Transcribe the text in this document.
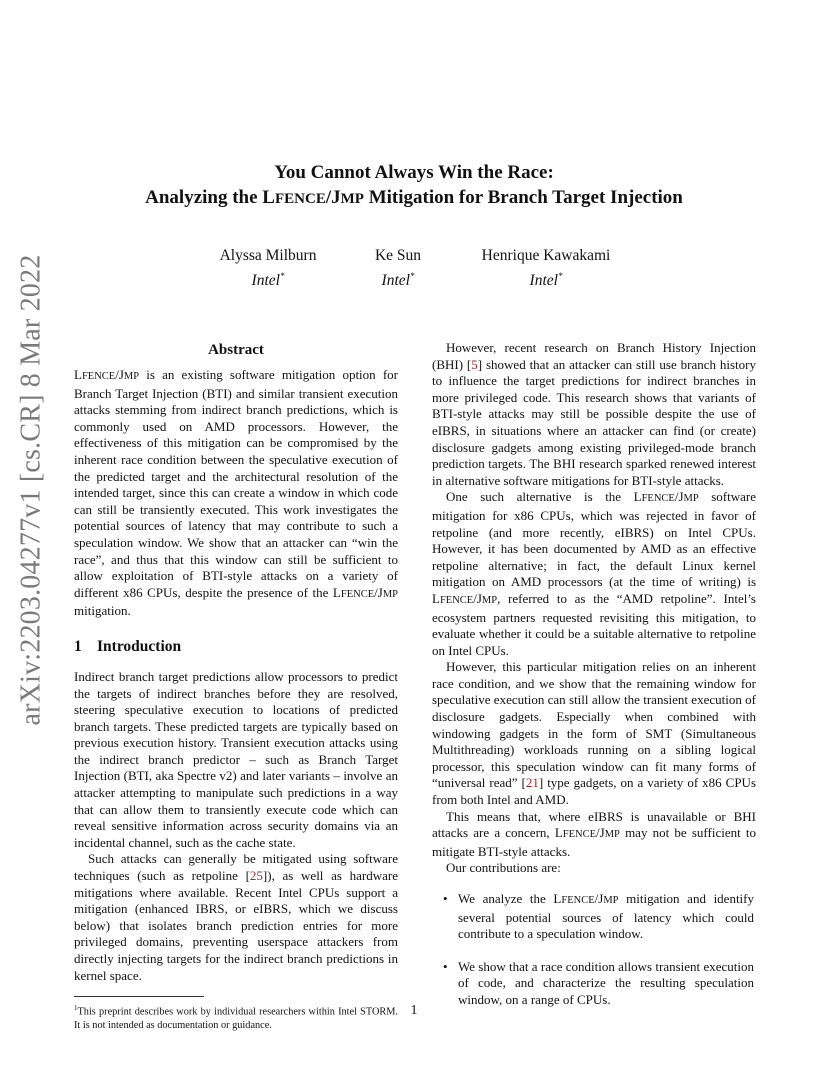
arXiv:2203.04277v1 [cs.CR] 8 Mar 2022
You Cannot Always Win the Race:
Analyzing the LFENCE/JMP Mitigation for Branch Target Injection
Alyssa Milburn
Intel*
Ke Sun
Intel*
Henrique Kawakami
Intel*
Abstract

LFENCE/JMP is an existing software mitigation option for Branch Target Injection (BTI) and similar transient execution attacks stemming from indirect branch predictions, which is commonly used on AMD processors. However, the effectiveness of this mitigation can be compromised by the inherent race condition between the speculative execution of the predicted target and the architectural resolution of the intended target, since this can create a window in which code can still be transiently executed. This work investigates the potential sources of latency that may contribute to such a speculation window. We show that an attacker can “win the race”, and thus that this window can still be sufficient to allow exploitation of BTI-style attacks on a variety of different x86 CPUs, despite the presence of the LFENCE/JMP mitigation.

1 Introduction

Indirect branch target predictions allow processors to predict the targets of indirect branches before they are resolved, steering speculative execution to locations of predicted branch targets. These predicted targets are typically based on previous execution history. Transient execution attacks using the indirect branch predictor – such as Branch Target Injection (BTI, aka Spectre v2) and later variants – involve an attacker attempting to manipulate such predictions in a way that can allow them to transiently execute code which can reveal sensitive information across security domains via an incidental channel, such as the cache state.

Such attacks can generally be mitigated using software techniques (such as retpoline [25]), as well as hardware mitigations where available. Recent Intel CPUs support a mitigation (enhanced IBRS, or eIBRS, which we discuss below) that isolates branch prediction entries for more privileged domains, preventing userspace attackers from directly injecting targets for the indirect branch predictions in kernel space.

$^1$This preprint describes work by individual researchers within Intel STORM. It is not intended as documentation or guidance.

However, recent research on Branch History Injection (BHI) [5] showed that an attacker can still use branch history to influence the target predictions for indirect branches in more privileged code. This research shows that variants of BTI-style attacks may still be possible despite the use of eIBRS, in situations where an attacker can find (or create) disclosure gadgets among existing privileged-mode branch prediction targets. The BHI research sparked renewed interest in alternative software mitigations for BTI-style attacks.

One such alternative is the LFENCE/JMP software mitigation for x86 CPUs, which was rejected in favor of retpoline (and more recently, eIBRS) on Intel CPUs. However, it has been documented by AMD as an effective retpoline alternative; in fact, the default Linux kernel mitigation on AMD processors (at the time of writing) is LFENCE/JMP, referred to as the “AMD retpoline”. Intel’s ecosystem partners requested revisiting this mitigation, to evaluate whether it could be a suitable alternative to retpoline on Intel CPUs.

However, this particular mitigation relies on an inherent race condition, and we show that the remaining window for speculative execution can still allow the transient execution of disclosure gadgets. Especially when combined with windowing gadgets in the form of SMT (Simultaneous Multithreading) workloads running on a sibling logical processor, this speculation window can fit many forms of “universal read” [21] type gadgets, on a variety of x86 CPUs from both Intel and AMD.

This means that, where eIBRS is unavailable or BHI attacks are a concern, LFENCE/JMP may not be sufficient to mitigate BTI-style attacks.

Our contributions are:

• We analyze the LFENCE/JMP mitigation and identify several potential sources of latency which could contribute to a speculation window.
• We show that a race condition allows transient execution of code, and characterize the resulting speculation window, on a range of CPUs.
1
